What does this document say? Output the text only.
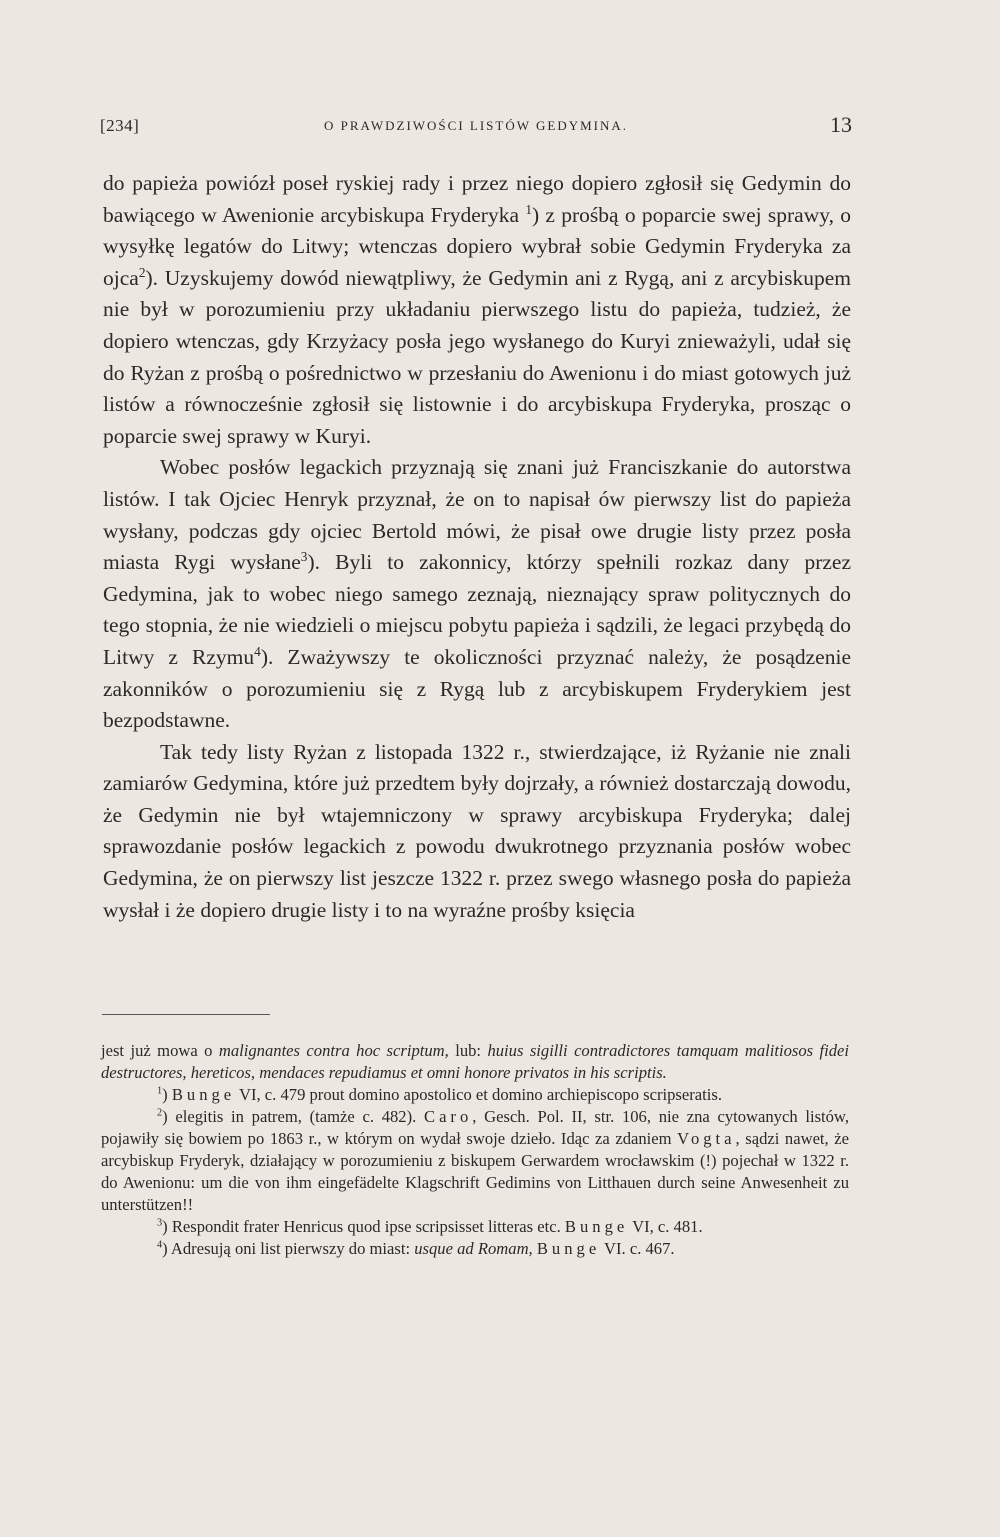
[234]	O PRAWDZIWOŚCI LISTÓW GEDYMINA.	13

do papieża powiózł poseł ryskiej rady i przez niego dopiero zgłosił się Gedymin do bawiącego w Awenionie arcybiskupa Fryderyka $^1$) z prośbą o poparcie swej sprawy, o wysyłkę legatów do Litwy; wtenczas dopiero wybrał sobie Gedymin Fryderyka za ojca$^2$). Uzyskujemy dowód niewątpliwy, że Gedymin ani z Rygą, ani z arcybiskupem nie był w porozumieniu przy układaniu pierwszego listu do papieża, tudzież, że dopiero wtenczas, gdy Krzyżacy posła jego wysłanego do Kuryi znieważyli, udał się do Ryżan z prośbą o pośrednictwo w przesłaniu do Awenionu i do miast gotowych już listów a równocześnie zgłosił się listownie i do arcybiskupa Fryderyka, prosząc o poparcie swej sprawy w Kuryi.

Wobec posłów legackich przyznają się znani już Franciszkanie do autorstwa listów. I tak Ojciec Henryk przyznał, że on to napisał ów pierwszy list do papieża wysłany, podczas gdy ojciec Bertold mówi, że pisał owe drugie listy przez posła miasta Rygi wysłane$^3$). Byli to zakonnicy, którzy spełnili rozkaz dany przez Gedymina, jak to wobec niego samego zeznają, nieznający spraw politycznych do tego stopnia, że nie wiedzieli o miejscu pobytu papieża i sądzili, że legaci przybędą do Litwy z Rzymu$^4$). Zważywszy te okoliczności przyznać należy, że posądzenie zakonników o porozumieniu się z Rygą lub z arcybiskupem Fryderykiem jest bezpodstawne.

Tak tedy listy Ryżan z listopada 1322 r., stwierdzające, iż Ryżanie nie znali zamiarów Gedymina, które już przedtem były dojrzały, a również dostarczają dowodu, że Gedymin nie był wtajemniczony w sprawy arcybiskupa Fryderyka; dalej sprawozdanie posłów legackich z powodu dwukrotnego przyznania posłów wobec Gedymina, że on pierwszy list jeszcze 1322 r. przez swego własnego posła do papieża wysłał i że dopiero drugie listy i to na wyraźne prośby księcia

jest już mowa o malignantes contra hoc scriptum, lub: huius sigilli contradictores tamquam malitiosos fidei destructores, hereticos, mendaces repudiamus et omni honore privatos in his scriptis.

$^1$) Bunge VI, c. 479 prout domino apostolico et domino archiepiscopo scripseratis.

$^2$) elegitis in patrem, (tamże c. 482). Caro, Gesch. Pol. II, str. 106, nie zna cytowanych listów, pojawiły się bowiem po 1863 r., w którym on wydał swoje dzieło. Idąc za zdaniem Vogta, sądzi nawet, że arcybiskup Fryderyk, działający w porozumieniu z biskupem Gerwardem wrocławskim (!) pojechał w 1322 r. do Awenionu: um die von ihm eingefädelte Klagschrift Gedimins von Litthauen durch seine Anwesenheit zu unterstützen!!

$^3$) Respondit frater Henricus quod ipse scripsisset litteras etc. Bunge VI, c. 481.

$^4$) Adresują oni list pierwszy do miast: usque ad Romam, Bunge VI. c. 467.
